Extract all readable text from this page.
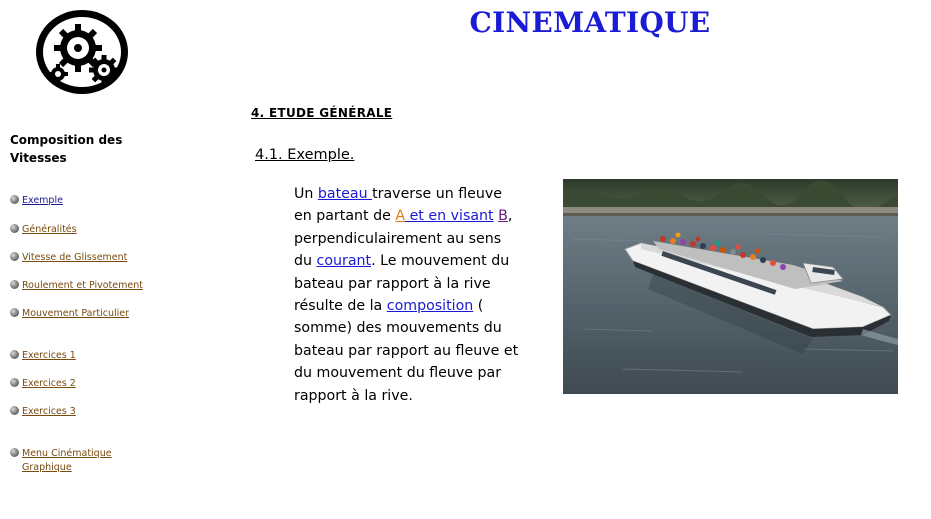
CINEMATIQUE
Composition des Vitesses
Exemple
Généralités
Vitesse de Glissement
Roulement et Pivotement
Mouvement Particulier
Exercices 1
Exercices 2
Exercices 3
Menu Cinématique Graphique
4. ETUDE GÉNÉRALE
4.1. Exemple.
Un bateau traverse un fleuve en partant de A et en visant B, perpendiculairement au sens du courant. Le mouvement du bateau par rapport à la rive résulte de la composition ( somme) des mouvements du bateau par rapport au fleuve et du mouvement du fleuve par rapport à la rive.
